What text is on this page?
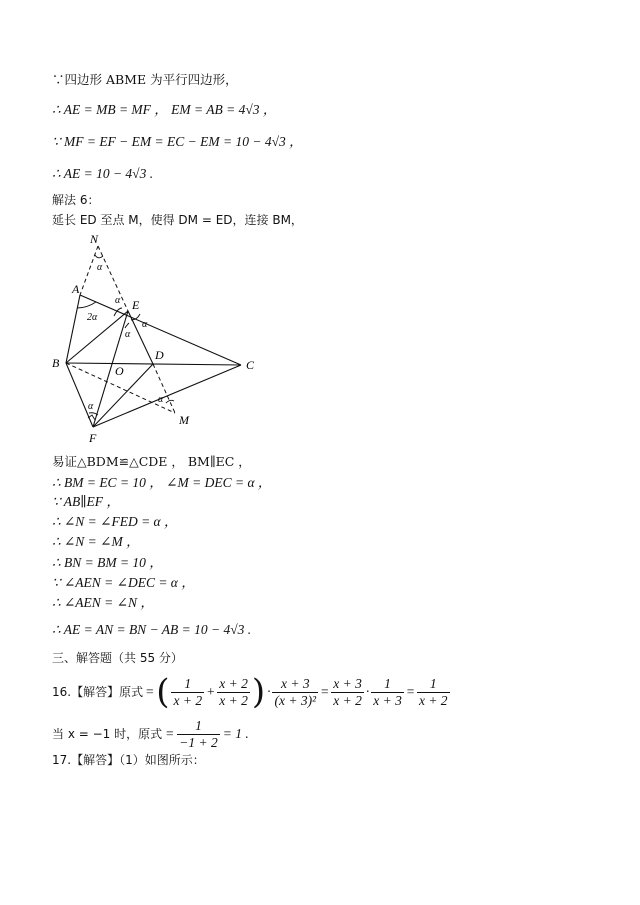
∵四边形 ABME 为平行四边形，
∴ AE = MB = MF ， EM = AB = 4√3 ，
∵ MF = EF − EM = EC − EM = 10 − 4√3 ，
∴ AE = 10 − 4√3 .
解法 6：
延长 ED 至点 M，使得 DM = ED，连接 BM，
N
A
E
B
D
C
O
F
M
α
2α
α
α
α
α
α
易证△BDM≌△CDE ， BM∥EC ，
∴ BM = EC = 10 ， ∠M = DEC = α ，
∵ AB∥EF ，
∴ ∠N = ∠FED = α ，
∴ ∠N = ∠M ，
∴ BN = BM = 10 ，
∵ ∠AEN = ∠DEC = α ，
∴ ∠AEN = ∠N ，
∴ AE = AN = BN − AB = 10 − 4√3 .
三、解答题（共 55 分）
16.【解答】原式 = ( $\frac{1}{x + 2} + \frac{x + 2}{x + 2}$ ) · $\frac{x + 3}{\text{(x + 3)²}} = \frac{x + 3}{x + 2} \cdot \frac{1}{x + 3} = \frac{1}{x + 2}$
当 x = −1 时，原式 = $\frac{1}{-1 + 2} = 1$ .
17.【解答】（1）如图所示：
